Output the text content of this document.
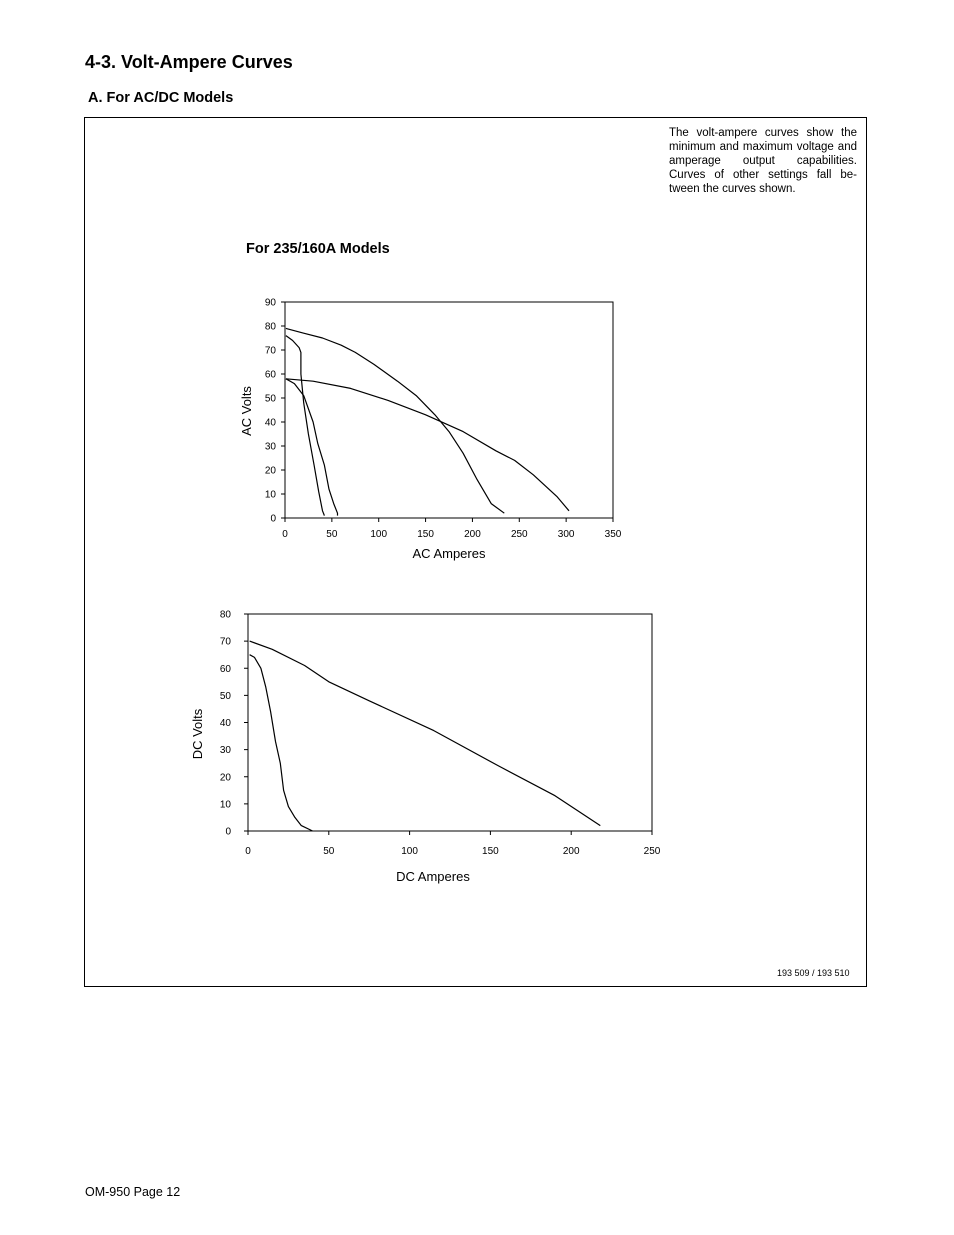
4-3. Volt-Ampere Curves
A. For AC/DC Models

The volt-ampere curves show the minimum and maximum voltage and amperage output capabilities. Curves of other settings fall be-tween the curves shown.

For 235/160A Models
0	50	100	150	200	250	300	350
0
10
20
30
40
50
60
70
80
90
AC Amperes
AC Volts
0	50	100	150	200	250
0
10
20
30
40
50
60
70
80
DC Amperes
DC Volts

193 509 / 193 510

OM-950 Page 12
